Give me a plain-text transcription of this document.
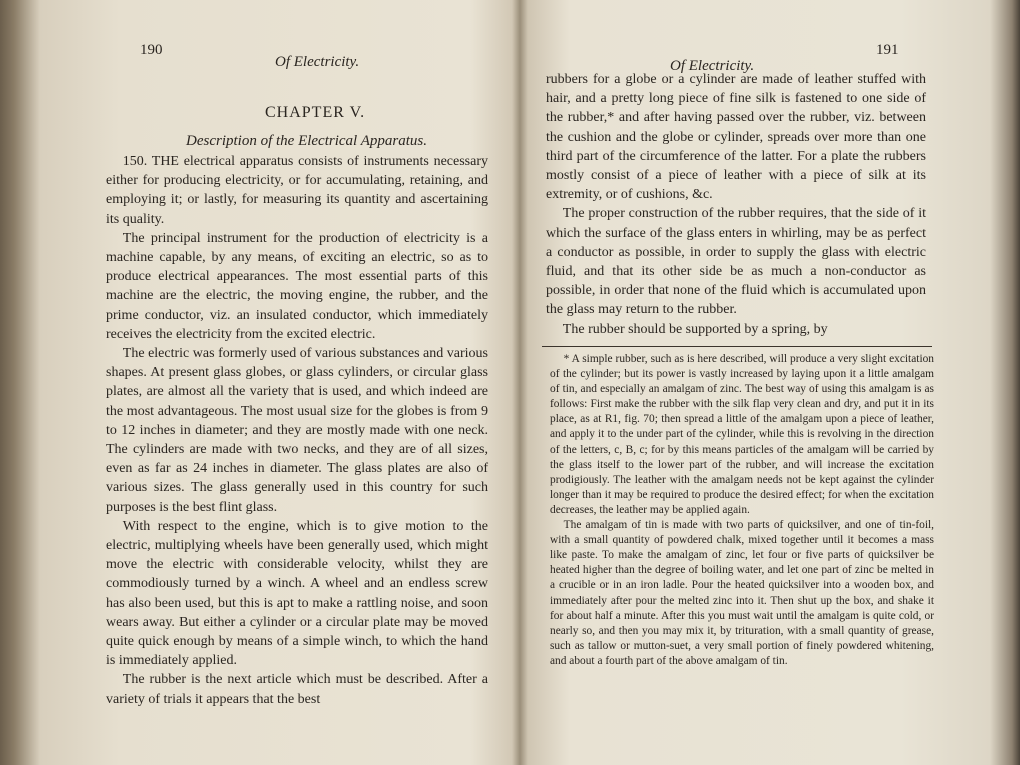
190
Of Electricity.
CHAPTER V.
Description of the Electrical Apparatus.

150. THE electrical apparatus consists of instruments necessary either for producing electricity, or for accumulating, retaining, and employing it; or lastly, for measuring its quantity and ascertaining its quality.

The principal instrument for the production of electricity is a machine capable, by any means, of exciting an electric, so as to produce electrical appearances. The most essential parts of this machine are the electric, the moving engine, the rubber, and the prime conductor, viz. an insulated conductor, which immediately receives the electricity from the excited electric.

The electric was formerly used of various substances and various shapes. At present glass globes, or glass cylinders, or circular glass plates, are almost all the variety that is used, and which indeed are the most advantageous. The most usual size for the globes is from 9 to 12 inches in diameter; and they are mostly made with one neck. The cylinders are made with two necks, and they are of all sizes, even as far as 24 inches in diameter. The glass plates are also of various sizes. The glass generally used in this country for such purposes is the best flint glass.

With respect to the engine, which is to give motion to the electric, multiplying wheels have been generally used, which might move the electric with considerable velocity, whilst they are commodiously turned by a winch. A wheel and an endless screw has also been used, but this is apt to make a rattling noise, and soon wears away. But either a cylinder or a circular plate may be moved quite quick enough by means of a simple winch, to which the hand is immediately applied.

The rubber is the next article which must be described. After a variety of trials it appears that the best

Of Electricity.
191

rubbers for a globe or a cylinder are made of leather stuffed with hair, and a pretty long piece of fine silk is fastened to one side of the rubber,* and after having passed over the rubber, viz. between the cushion and the globe or cylinder, spreads over more than one third part of the circumference of the latter. For a plate the rubbers mostly consist of a piece of leather with a piece of silk at its extremity, or of cushions, &c.

The proper construction of the rubber requires, that the side of it which the surface of the glass enters in whirling, may be as perfect a conductor as possible, in order to supply the glass with electric fluid, and that its other side be as much a non-conductor as possible, in order that none of the fluid which is accumulated upon the glass may return to the rubber.

The rubber should be supported by a spring, by

* A simple rubber, such as is here described, will produce a very slight excitation of the cylinder; but its power is vastly increased by laying upon it a little amalgam of tin, and especially an amalgam of zinc. The best way of using this amalgam is as follows: First make the rubber with the silk flap very clean and dry, and put it in its place, as at R1, fig. 70; then spread a little of the amalgam upon a piece of leather, and apply it to the under part of the cylinder, while this is revolving in the direction of the letters, c, B, c; for by this means particles of the amalgam will be carried by the glass itself to the lower part of the rubber, and will increase the excitation prodigiously. The leather with the amalgam needs not be kept against the cylinder longer than it may be required to produce the desired effect; for when the excitation decreases, the leather may be applied again.

The amalgam of tin is made with two parts of quicksilver, and one of tin-foil, with a small quantity of powdered chalk, mixed together until it becomes a mass like paste. To make the amalgam of zinc, let four or five parts of quicksilver be heated higher than the degree of boiling water, and let one part of zinc be melted in a crucible or in an iron ladle. Pour the heated quicksilver into a wooden box, and immediately after pour the melted zinc into it. Then shut up the box, and shake it for about half a minute. After this you must wait until the amalgam is quite cold, or nearly so, and then you may mix it, by trituration, with a small quantity of grease, such as tallow or mutton-suet, a very small portion of finely powdered whitening, and about a fourth part of the above amalgam of tin.
